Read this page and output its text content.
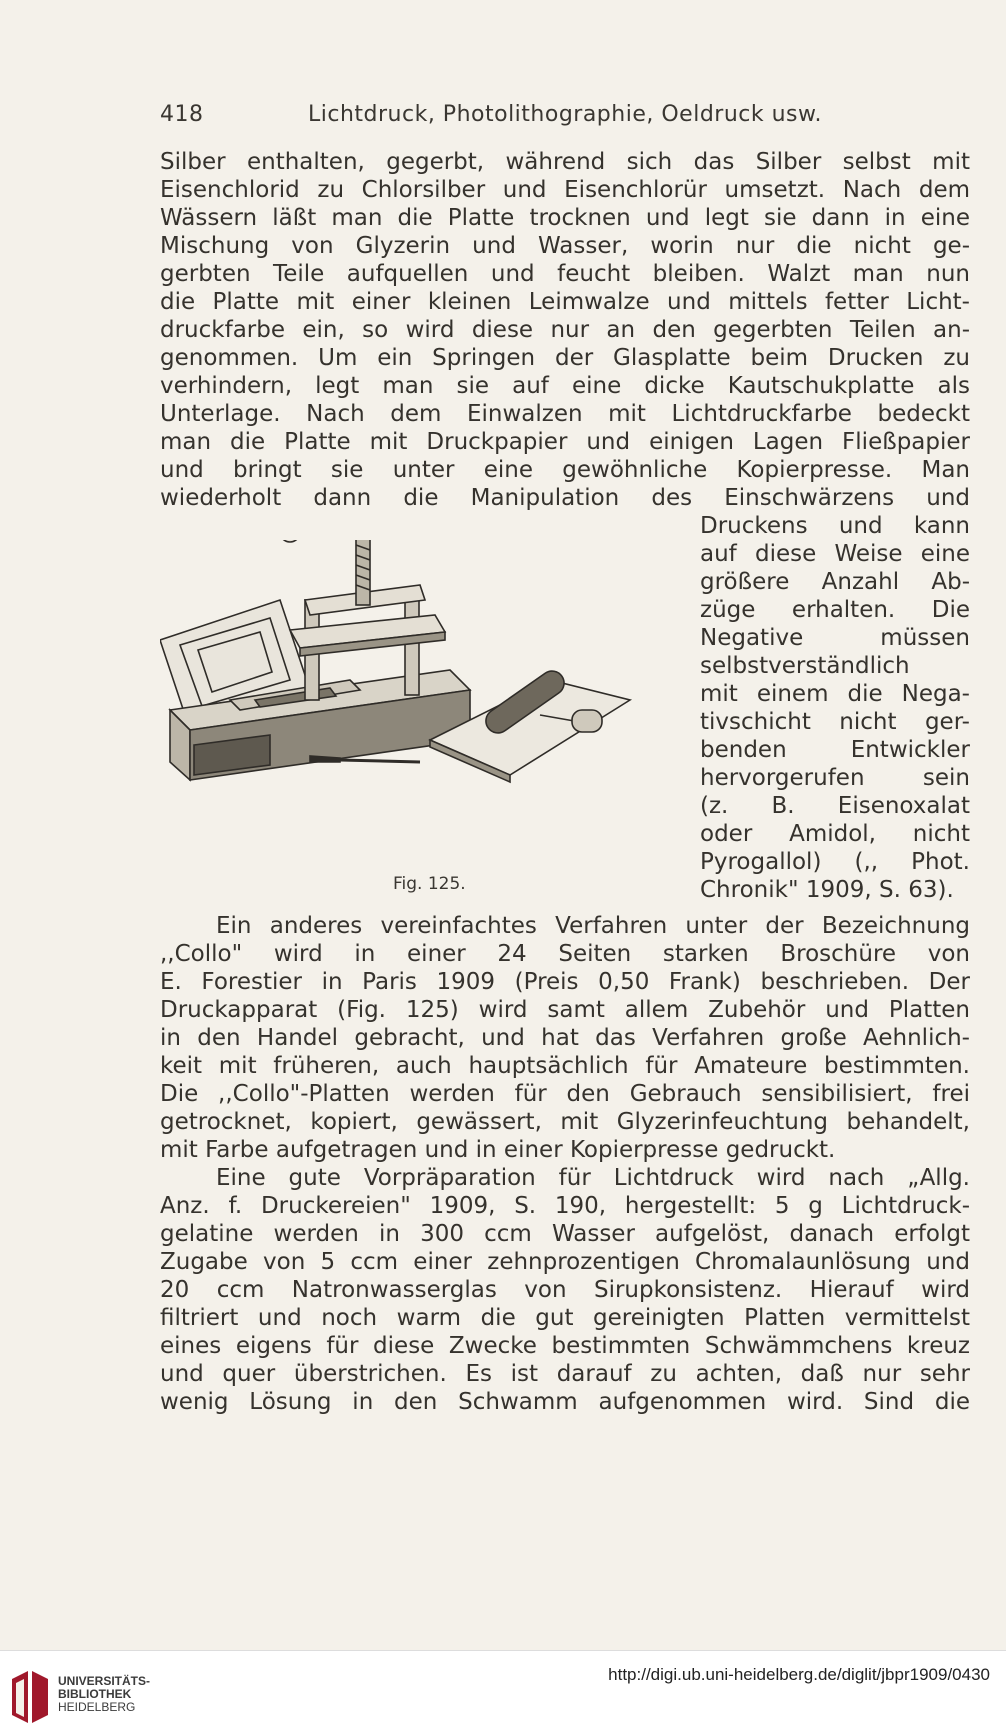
418	Lichtdruck, Photolithographie, Oeldruck usw.
Silber enthalten, gegerbt, während sich das Silber selbst mit
Eisenchlorid zu Chlorsilber und Eisenchlorür umsetzt. Nach dem
Wässern läßt man die Platte trocknen und legt sie dann in eine
Mischung von Glyzerin und Wasser, worin nur die nicht ge-
gerbten Teile aufquellen und feucht bleiben. Walzt man nun
die Platte mit einer kleinen Leimwalze und mittels fetter Licht-
druckfarbe ein, so wird diese nur an den gegerbten Teilen an-
genommen. Um ein Springen der Glasplatte beim Drucken zu
verhindern, legt man sie auf eine dicke Kautschukplatte als
Unterlage. Nach dem Einwalzen mit Lichtdruckfarbe bedeckt
man die Platte mit Druckpapier und einigen Lagen Fließpapier
und bringt sie unter eine gewöhnliche Kopierpresse. Man
wiederholt dann die Manipulation des Einschwärzens und
Druckens und kann
auf diese Weise eine
größere Anzahl Ab-
züge erhalten. Die
Negative müssen
selbstverständlich
mit einem die Nega-
tivschicht nicht ger-
benden Entwickler
hervorgerufen sein
(z. B. Eisenoxalat
oder Amidol, nicht
Pyrogallol) (,, Phot.
Chronik" 1909, S. 63).
Fig. 125.
Ein anderes vereinfachtes Verfahren unter der Bezeichnung
,,Collo" wird in einer 24 Seiten starken Broschüre von
E. Forestier in Paris 1909 (Preis 0,50 Frank) beschrieben. Der
Druckapparat (Fig. 125) wird samt allem Zubehör und Platten
in den Handel gebracht, und hat das Verfahren große Aehnlich-
keit mit früheren, auch hauptsächlich für Amateure bestimmten.
Die ,,Collo"-Platten werden für den Gebrauch sensibilisiert, frei
getrocknet, kopiert, gewässert, mit Glyzerinfeuchtung behandelt,
mit Farbe aufgetragen und in einer Kopierpresse gedruckt.
Eine gute Vorpräparation für Lichtdruck wird nach „Allg.
Anz. f. Druckereien" 1909, S. 190, hergestellt: 5 g Lichtdruck-
gelatine werden in 300 ccm Wasser aufgelöst, danach erfolgt
Zugabe von 5 ccm einer zehnprozentigen Chromalaunlösung und
20 ccm Natronwasserglas von Sirupkonsistenz. Hierauf wird
filtriert und noch warm die gut gereinigten Platten vermittelst
eines eigens für diese Zwecke bestimmten Schwämmchens kreuz
und quer überstrichen. Es ist darauf zu achten, daß nur sehr
wenig Lösung in den Schwamm aufgenommen wird. Sind die
UNIVERSITÄTS-
BIBLIOTHEK
HEIDELBERG
http://digi.ub.uni-heidelberg.de/diglit/jbpr1909/0430
